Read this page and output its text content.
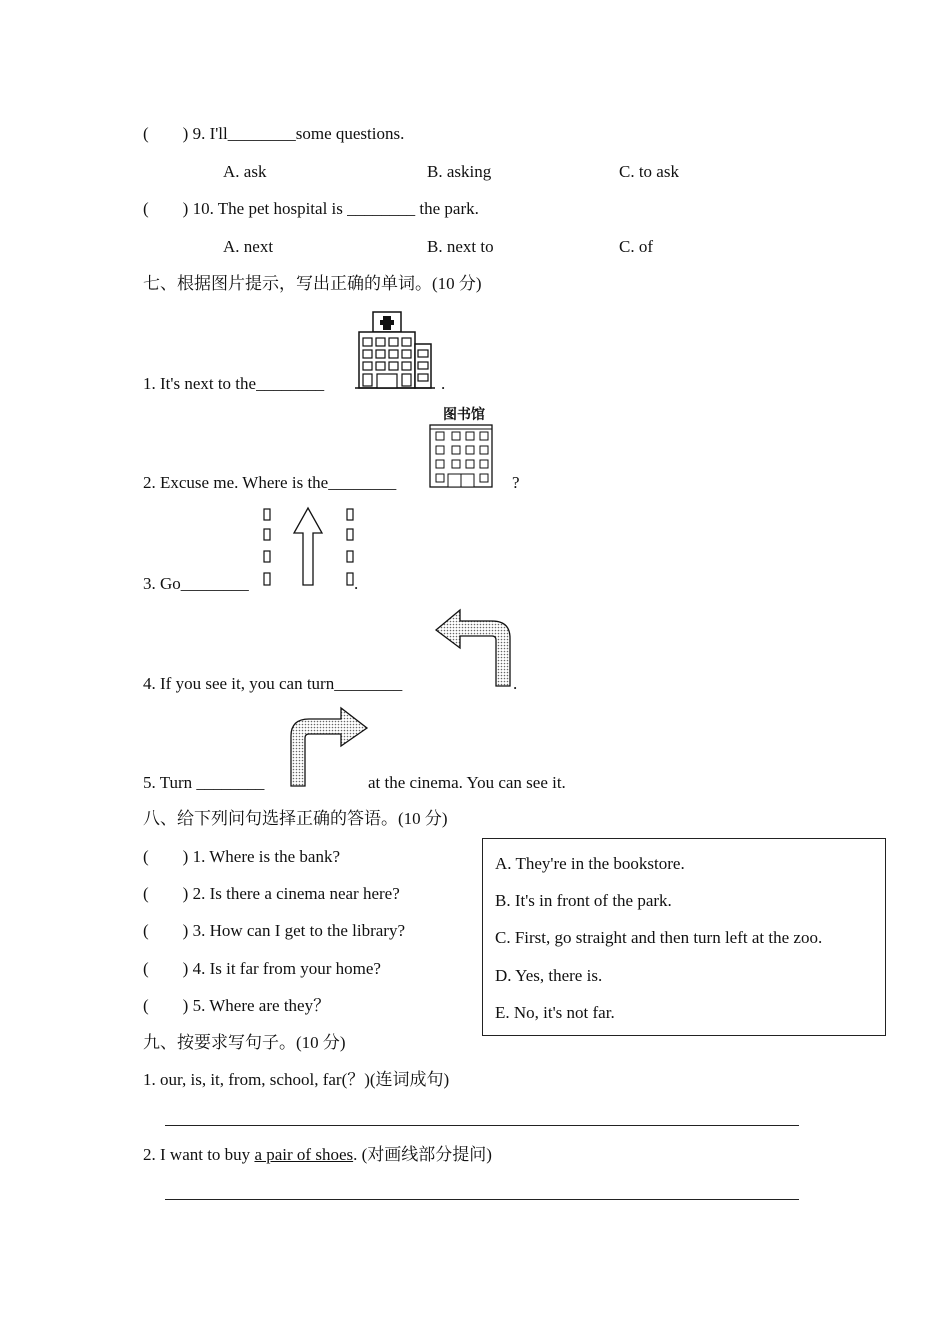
(　　) 9. I'll________some questions.
A. ask	B. asking	C. to ask
(　　) 10. The pet hospital is ________ the park.
A. next	B. next to	C. of
七、根据图片提示，写出正确的单词。(10 分)
1. It's next to the________	.
2. Excuse me. Where is the________
图书馆
?
3. Go________	.
4. If you see it, you can turn________	.
5. Turn ________	at the cinema. You can see it.
八、给下列问句选择正确的答语。(10 分)
(　　) 1. Where is the bank?
(　　) 2. Is there a cinema near here?
(　　) 3. How can I get to the library?
(　　) 4. Is it far from your home?
(　　) 5. Where are they？
A. They're in the bookstore.
B. It's in front of the park.
C. First, go straight and then turn left at the zoo.
D. Yes, there is.
E. No, it's not far.
九、按要求写句子。(10 分)
1. our, is, it, from, school, far(？)(连词成句)
2. I want to buy a pair of shoes. (对画线部分提问)
